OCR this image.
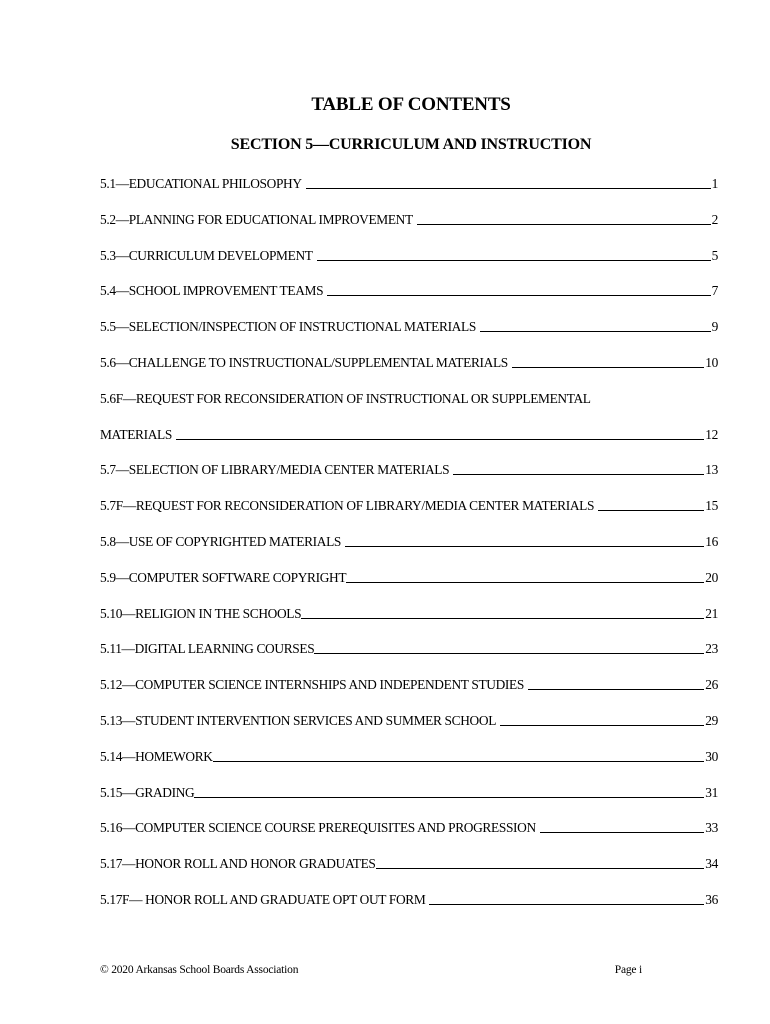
TABLE OF CONTENTS
SECTION 5—CURRICULUM AND INSTRUCTION
5.1—EDUCATIONAL PHILOSOPHY	1
5.2—PLANNING FOR EDUCATIONAL IMPROVEMENT	2
5.3—CURRICULUM DEVELOPMENT	5
5.4—SCHOOL IMPROVEMENT TEAMS	7
5.5—SELECTION/INSPECTION OF INSTRUCTIONAL MATERIALS	9
5.6—CHALLENGE TO INSTRUCTIONAL/SUPPLEMENTAL MATERIALS	10
5.6F—REQUEST FOR RECONSIDERATION OF INSTRUCTIONAL OR SUPPLEMENTAL
MATERIALS	12
5.7—SELECTION OF LIBRARY/MEDIA CENTER MATERIALS	13
5.7F—REQUEST FOR RECONSIDERATION OF LIBRARY/MEDIA CENTER MATERIALS	15
5.8—USE OF COPYRIGHTED MATERIALS	16
5.9—COMPUTER SOFTWARE COPYRIGHT	20
5.10—RELIGION IN THE SCHOOLS	21
5.11—DIGITAL LEARNING COURSES	23
5.12—COMPUTER SCIENCE INTERNSHIPS AND INDEPENDENT STUDIES	26
5.13—STUDENT INTERVENTION SERVICES AND SUMMER SCHOOL	29
5.14—HOMEWORK	30
5.15—GRADING	31
5.16—COMPUTER SCIENCE COURSE PREREQUISITES AND PROGRESSION	33
5.17—HONOR ROLL AND HONOR GRADUATES	34
5.17F— HONOR ROLL AND GRADUATE OPT OUT FORM	36
© 2020 Arkansas School Boards Association	Page i
